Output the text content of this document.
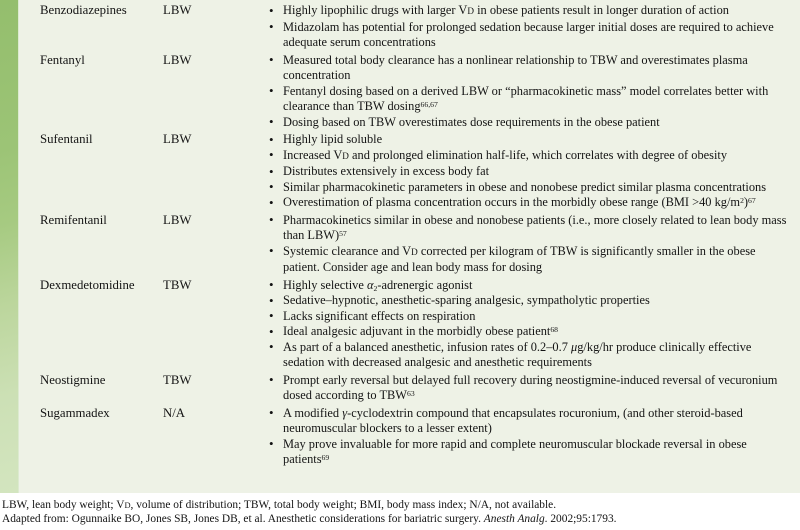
Benzodiazepines	LBW	• Highly lipophilic drugs with larger VD in obese patients result in longer duration of action
• Midazolam has potential for prolonged sedation because larger initial doses are required to achieve adequate serum concentrations
Fentanyl	LBW	• Measured total body clearance has a nonlinear relationship to TBW and overestimates plasma concentration
• Fentanyl dosing based on a derived LBW or “pharmacokinetic mass” model correlates better with clearance than TBW dosing$^{66,67}$
• Dosing based on TBW overestimates dose requirements in the obese patient
Sufentanil	LBW	• Highly lipid soluble
• Increased VD and prolonged elimination half-life, which correlates with degree of obesity
• Distributes extensively in excess body fat
• Similar pharmacokinetic parameters in obese and nonobese predict similar plasma concentrations
• Overestimation of plasma concentration occurs in the morbidly obese range (BMI >40 $kg/m^2)^{67}$
Remifentanil	LBW	• Pharmacokinetics similar in obese and nonobese patients (i.e., more closely related to lean body mass than LBW)$^{57}$
• Systemic clearance and VD corrected per kilogram of TBW is significantly smaller in the obese patient. Consider age and lean body mass for dosing
Dexmedetomidine	TBW	• Highly selective $\alpha_2$-adrenergic agonist
• Sedative–hypnotic, anesthetic-sparing analgesic, sympatholytic properties
• Lacks significant effects on respiration
• Ideal analgesic adjuvant in the morbidly obese patient$^{68}$
• As part of a balanced anesthetic, infusion rates of 0.2–0.7 μg/kg/hr produce clinically effective sedation with decreased analgesic and anesthetic requirements
Neostigmine	TBW	• Prompt early reversal but delayed full recovery during neostigmine-induced reversal of vecuronium dosed according to TBW$^{63}$
Sugammadex	N/A	• A modified γ-cyclodextrin compound that encapsulates rocuronium, (and other steroid-based neuromuscular blockers to a lesser extent)
• May prove invaluable for more rapid and complete neuromuscular blockade reversal in obese patients$^{69}$
LBW, lean body weight; VD, volume of distribution; TBW, total body weight; BMI, body mass index; N/A, not available.
Adapted from: Ogunnaike BO, Jones SB, Jones DB, et al. Anesthetic considerations for bariatric surgery. Anesth Analg. 2002;95:1793.
